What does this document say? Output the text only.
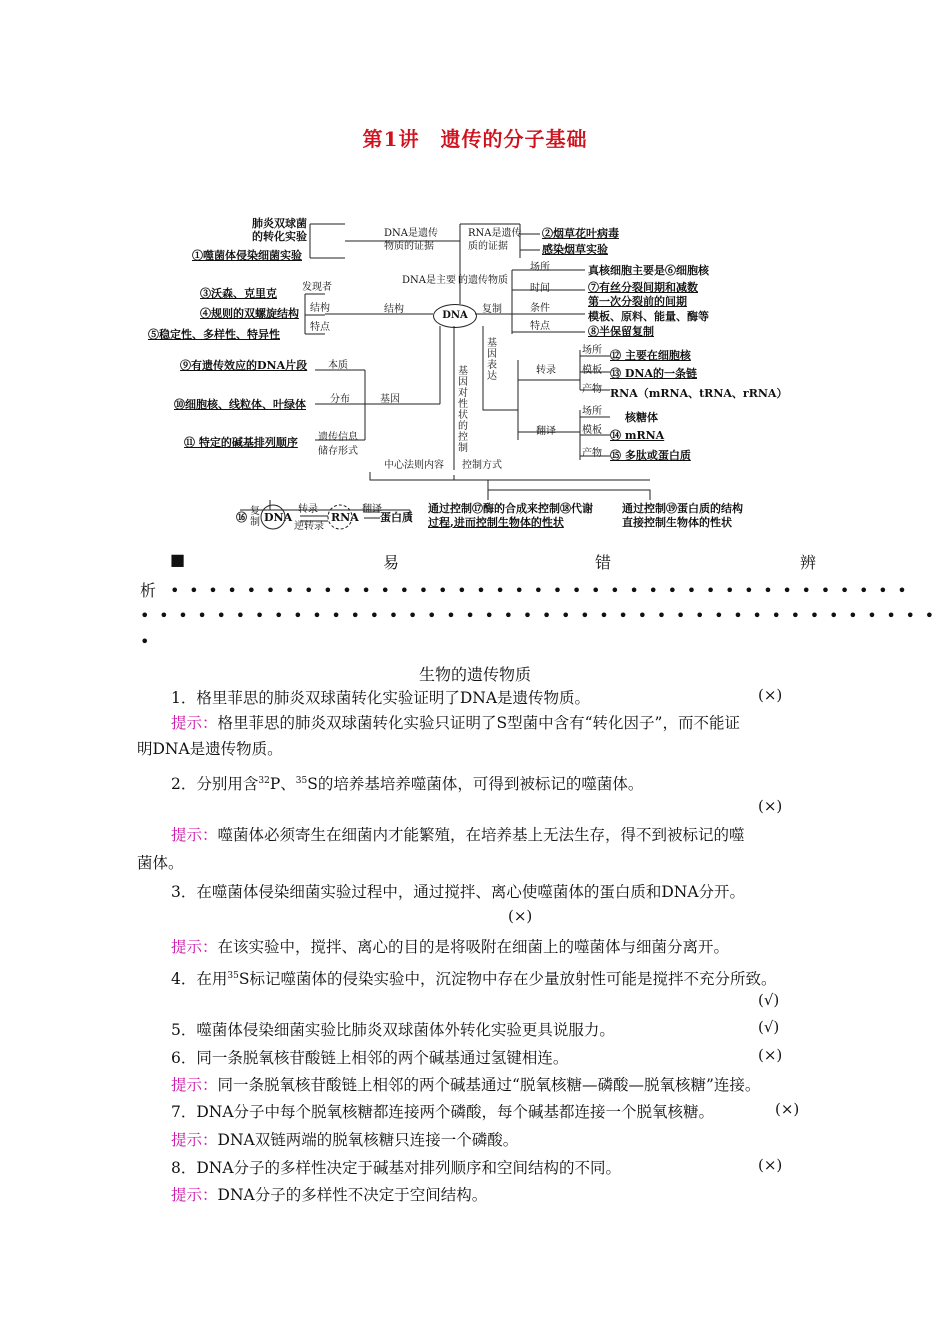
第1讲　遗传的分子基础
DNA
肺炎双球菌
的转化实验
①噬菌体侵染细菌实验
DNA是遗传
物质的证据
RNA是遗传
质的证据
②烟草花叶病毒
感染烟草实验
DNA是主要 的遗传物质
发现者
③沃森、克里克
结构
④规则的双螺旋结构
特点
⑤稳定性、多样性、特异性
结构	复制
场所	真核细胞主要是⑥细胞核
时间	⑦有丝分裂间期和减数
第一次分裂前的间期
条件
模板、原料、能量、酶等
特点	⑧半保留复制
⑨有遗传效应的DNA片段 本质
⑩细胞核、线粒体、叶绿体 分布	基因
⑪ 特定的碱基排列顺序 遗传信息
储存形式
基因表达
转录
场所 ⑫ 主要在细胞核
模板 ⑬ DNA的一条链
产物 RNA（mRNA、tRNA、rRNA）
翻译
场所 核糖体
模板 ⑭ mRNA
产物 ⑮ 多肽或蛋白质
基因对性状的控制
中心法则内容 控制方式
⑯ 复制 DNA
转录
逆转录
RNA
翻译
蛋白质
通过控制⑰酶的合成来控制⑱代谢
过程,进而控制生物体的性状
通过控制⑲蛋白质的结构
直接控制生物体的性状
■	易	错	辨
析 •••••••••••••••••••••••••••••••••••••••
••••••••••••••••••••••••••••••••••••••••••
•
生物的遗传物质
1．格里菲思的肺炎双球菌转化实验证明了DNA是遗传物质。	(×)
提示：格里菲思的肺炎双球菌转化实验只证明了S型菌中含有“转化因子”，而不能证
明DNA是遗传物质。
2．分别用含$^{32}$P、$^{35}$S的培养基培养噬菌体，可得到被标记的噬菌体。
(×)
提示：噬菌体必须寄生在细菌内才能繁殖，在培养基上无法生存，得不到被标记的噬
菌体。
3．在噬菌体侵染细菌实验过程中，通过搅拌、离心使噬菌体的蛋白质和DNA分开。
(×)
提示：在该实验中，搅拌、离心的目的是将吸附在细菌上的噬菌体与细菌分离开。
4．在用$^{35}$S标记噬菌体的侵染实验中，沉淀物中存在少量放射性可能是搅拌不充分所致。
(√)
5．噬菌体侵染细菌实验比肺炎双球菌体外转化实验更具说服力。	(√)
6．同一条脱氧核苷酸链上相邻的两个碱基通过氢键相连。	(×)
提示：同一条脱氧核苷酸链上相邻的两个碱基通过“脱氧核糖—磷酸—脱氧核糖”连接。
7．DNA分子中每个脱氧核糖都连接两个磷酸，每个碱基都连接一个脱氧核糖。	(×)
提示：DNA双链两端的脱氧核糖只连接一个磷酸。
8．DNA分子的多样性决定于碱基对排列顺序和空间结构的不同。	(×)
提示：DNA分子的多样性不决定于空间结构。
